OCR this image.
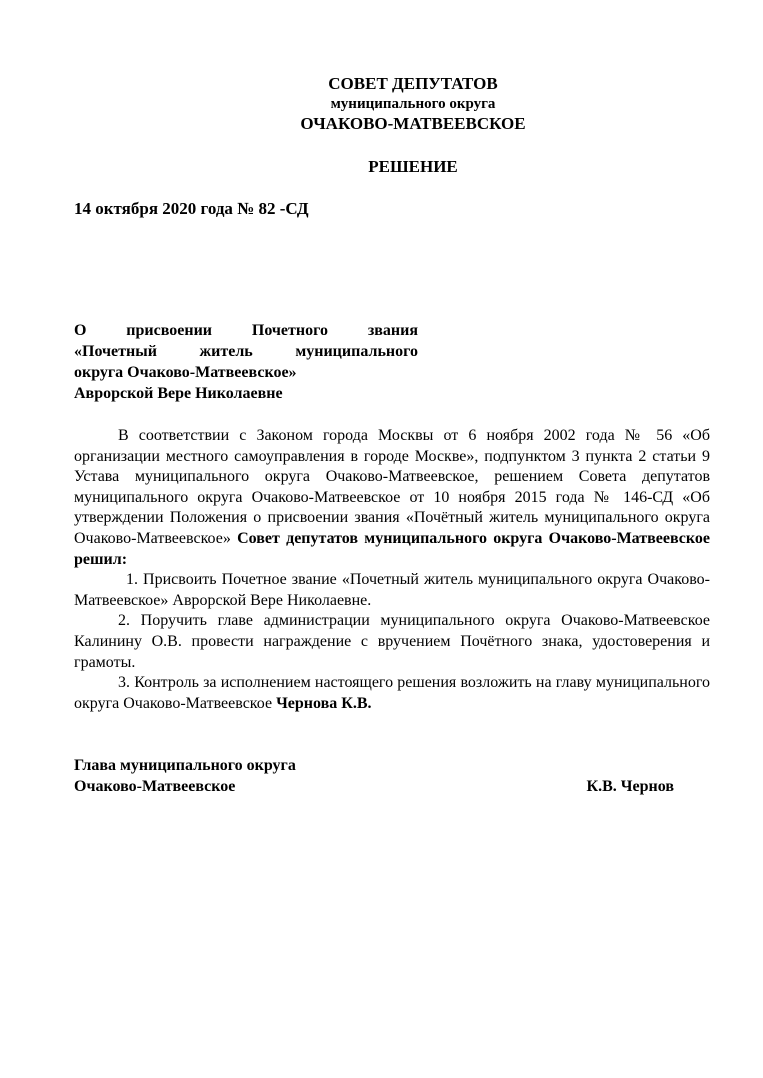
СОВЕТ ДЕПУТАТОВ
муниципального округа
ОЧАКОВО-МАТВЕЕВСКОЕ
РЕШЕНИЕ
14 октября 2020 года № 82 -СД
О присвоении Почетного звания
«Почетный житель муниципального
округа Очаково-Матвеевское»
Аврорской Вере Николаевне

В соответствии с Законом города Москвы от 6 ноября 2002 года № 56 «Об организации местного самоуправления в городе Москве», подпунктом 3 пункта 2 статьи 9 Устава муниципального округа Очаково-Матвеевское, решением Совета депутатов муниципального округа Очаково-Матвеевское от 10 ноября 2015 года № 146-СД «Об утверждении Положения о присвоении звания «Почётный житель муниципального округа Очаково-Матвеевское» Совет депутатов муниципального округа Очаково-Матвеевское решил:

1. Присвоить Почетное звание «Почетный житель муниципального округа Очаково-Матвеевское» Аврорской Вере Николаевне.

2. Поручить главе администрации муниципального округа Очаково-Матвеевское Калинину О.В. провести награждение с вручением Почётного знака, удостоверения и грамоты.

3. Контроль за исполнением настоящего решения возложить на главу муниципального округа Очаково-Матвеевское Чернова К.В.

Глава муниципального округа
Очаково-Матвеевское	К.В. Чернов
